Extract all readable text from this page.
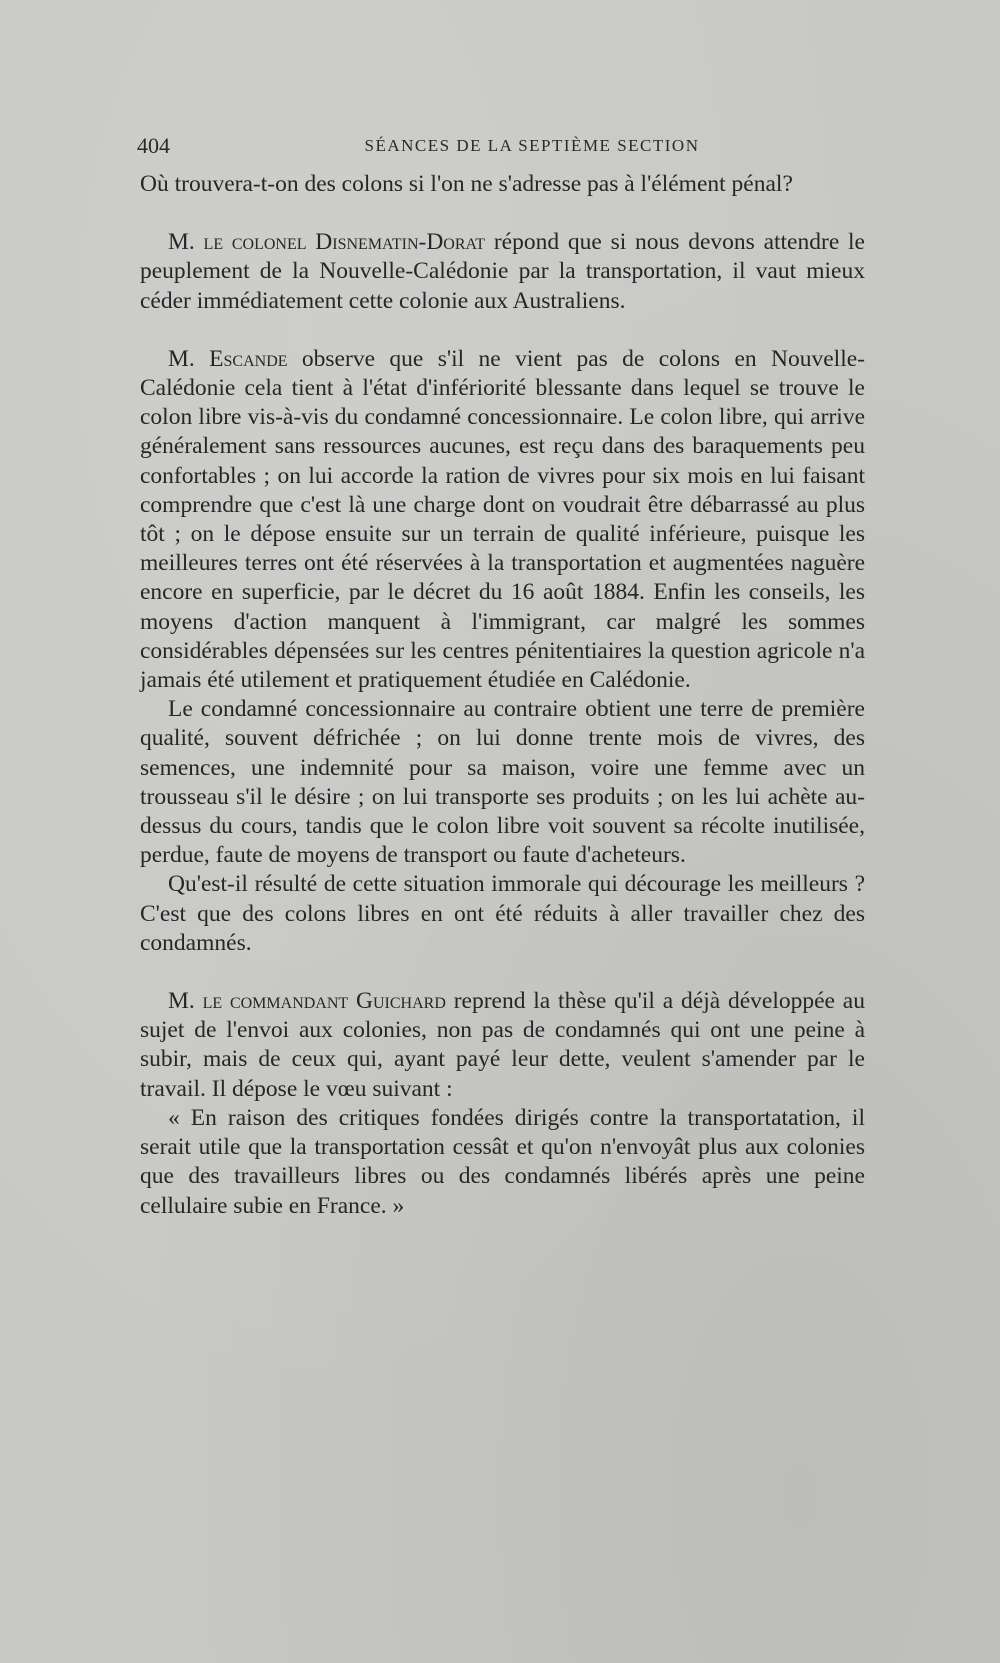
404	SÉANCES DE LA SEPTIÈME SECTION

Où trouvera-t-on des colons si l'on ne s'adresse pas à l'élément pénal?

M. le colonel Disnematin-Dorat répond que si nous devons attendre le peuplement de la Nouvelle-Calédonie par la transportation, il vaut mieux céder immédiatement cette colonie aux Australiens.

M. Escande observe que s'il ne vient pas de colons en Nouvelle-Calédonie cela tient à l'état d'infériorité blessante dans lequel se trouve le colon libre vis-à-vis du condamné concessionnaire. Le colon libre, qui arrive généralement sans ressources aucunes, est reçu dans des baraquements peu confortables ; on lui accorde la ration de vivres pour six mois en lui faisant comprendre que c'est là une charge dont on voudrait être débarrassé au plus tôt ; on le dépose ensuite sur un terrain de qualité inférieure, puisque les meilleures terres ont été réservées à la transportation et augmentées naguère encore en superficie, par le décret du 16 août 1884. Enfin les conseils, les moyens d'action manquent à l'immigrant, car malgré les sommes considérables dépensées sur les centres pénitentiaires la question agricole n'a jamais été utilement et pratiquement étudiée en Calédonie.

Le condamné concessionnaire au contraire obtient une terre de première qualité, souvent défrichée ; on lui donne trente mois de vivres, des semences, une indemnité pour sa maison, voire une femme avec un trousseau s'il le désire ; on lui transporte ses produits ; on les lui achète au-dessus du cours, tandis que le colon libre voit souvent sa récolte inutilisée, perdue, faute de moyens de transport ou faute d'acheteurs.

Qu'est-il résulté de cette situation immorale qui décourage les meilleurs ? C'est que des colons libres en ont été réduits à aller travailler chez des condamnés.

M. le commandant Guichard reprend la thèse qu'il a déjà développée au sujet de l'envoi aux colonies, non pas de condamnés qui ont une peine à subir, mais de ceux qui, ayant payé leur dette, veulent s'amender par le travail. Il dépose le vœu suivant :

« En raison des critiques fondées dirigés contre la transportatation, il serait utile que la transportation cessât et qu'on n'envoyât plus aux colonies que des travailleurs libres ou des condamnés libérés après une peine cellulaire subie en France. »
